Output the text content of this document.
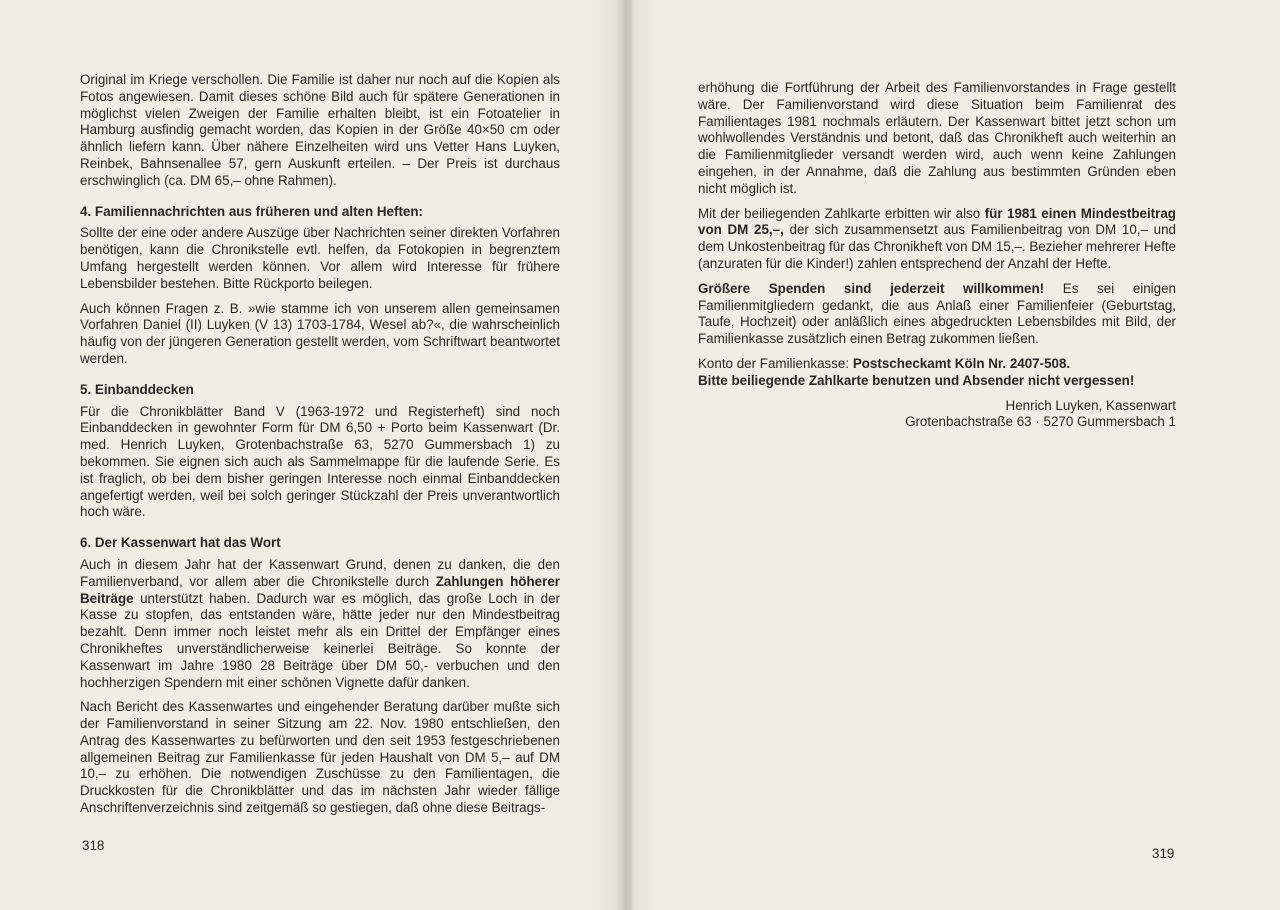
Original im Kriege verschollen. Die Familie ist daher nur noch auf die Kopien als Fotos angewiesen. Damit dieses schöne Bild auch für spätere Generationen in möglichst vielen Zweigen der Familie erhalten bleibt, ist ein Fotoatelier in Hamburg ausfindig gemacht worden, das Kopien in der Größe 40×50 cm oder ähnlich liefern kann. Über nähere Einzelheiten wird uns Vetter Hans Luyken, Reinbek, Bahnsenallee 57, gern Auskunft erteilen. – Der Preis ist durchaus erschwinglich (ca. DM 65,– ohne Rahmen).

4. Familiennachrichten aus früheren und alten Heften:

Sollte der eine oder andere Auszüge über Nachrichten seiner direkten Vorfahren benötigen, kann die Chronikstelle evtl. helfen, da Fotokopien in begrenztem Umfang hergestellt werden können. Vor allem wird Interesse für frühere Lebensbilder bestehen. Bitte Rückporto beilegen.

Auch können Fragen z. B. »wie stamme ich von unserem allen gemeinsamen Vorfahren Daniel (II) Luyken (V 13) 1703-1784, Wesel ab?«, die wahrscheinlich häufig von der jüngeren Generation gestellt werden, vom Schriftwart beantwortet werden.

5. Einbanddecken

Für die Chronikblätter Band V (1963-1972 und Registerheft) sind noch Einbanddecken in gewohnter Form für DM 6,50 + Porto beim Kassenwart (Dr. med. Henrich Luyken, Grotenbachstraße 63, 5270 Gummersbach 1) zu bekommen. Sie eignen sich auch als Sammelmappe für die laufende Serie. Es ist fraglich, ob bei dem bisher geringen Interesse noch einmal Einbanddecken angefertigt werden, weil bei solch geringer Stückzahl der Preis unverantwortlich hoch wäre.

6. Der Kassenwart hat das Wort

Auch in diesem Jahr hat der Kassenwart Grund, denen zu danken, die den Familienverband, vor allem aber die Chronikstelle durch Zahlungen höherer Beiträge unterstützt haben. Dadurch war es möglich, das große Loch in der Kasse zu stopfen, das entstanden wäre, hätte jeder nur den Mindestbeitrag bezahlt. Denn immer noch leistet mehr als ein Drittel der Empfänger eines Chronikheftes unverständlicherweise keinerlei Beiträge. So konnte der Kassenwart im Jahre 1980 28 Beiträge über DM 50,- verbuchen und den hochherzigen Spendern mit einer schönen Vignette dafür danken.

Nach Bericht des Kassenwartes und eingehender Beratung darüber mußte sich der Familienvorstand in seiner Sitzung am 22. Nov. 1980 entschließen, den Antrag des Kassenwartes zu befürworten und den seit 1953 festgeschriebenen allgemeinen Beitrag zur Familienkasse für jeden Haushalt von DM 5,– auf DM 10,– zu erhöhen. Die notwendigen Zuschüsse zu den Familientagen, die Druckkosten für die Chronikblätter und das im nächsten Jahr wieder fällige Anschriftenverzeichnis sind zeitgemäß so gestiegen, daß ohne diese Beitrags-

318

erhöhung die Fortführung der Arbeit des Familienvorstandes in Frage gestellt wäre. Der Familienvorstand wird diese Situation beim Familienrat des Familientages 1981 nochmals erläutern. Der Kassenwart bittet jetzt schon um wohlwollendes Verständnis und betont, daß das Chronikheft auch weiterhin an die Familienmitglieder versandt werden wird, auch wenn keine Zahlungen eingehen, in der Annahme, daß die Zahlung aus bestimmten Gründen eben nicht möglich ist.

Mit der beiliegenden Zahlkarte erbitten wir also für 1981 einen Mindestbeitrag von DM 25,–, der sich zusammensetzt aus Familienbeitrag von DM 10,– und dem Unkostenbeitrag für das Chronikheft von DM 15,–. Bezieher mehrerer Hefte (anzuraten für die Kinder!) zahlen entsprechend der Anzahl der Hefte.

Größere Spenden sind jederzeit willkommen! Es sei einigen Familienmitgliedern gedankt, die aus Anlaß einer Familienfeier (Geburtstag, Taufe, Hochzeit) oder anläßlich eines abgedruckten Lebensbildes mit Bild, der Familienkasse zusätzlich einen Betrag zukommen ließen.

Konto der Familienkasse: Postscheckamt Köln Nr. 2407-508.
Bitte beiliegende Zahlkarte benutzen und Absender nicht vergessen!

Henrich Luyken, Kassenwart

Grotenbachstraße 63 · 5270 Gummersbach 1

319
